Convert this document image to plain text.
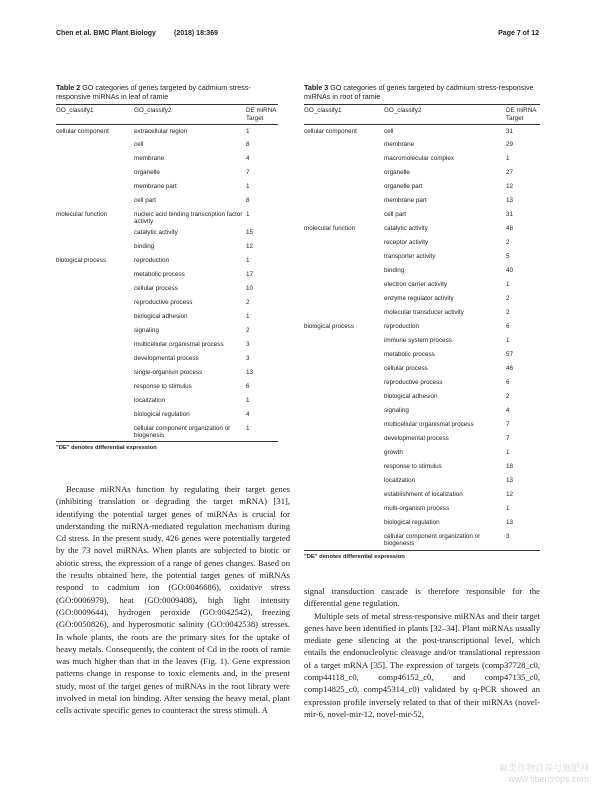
Chen et al. BMC Plant Biology	(2018) 18:369	Page 7 of 12
Table 2 GO categories of genes targeted by cadmium stress-responsive miRNAs in leaf of ramie
GO_classify1	GO_classify2	DE miRNA Target
cellular component	extracellular region	1
	cell	8
	membrane	4
	organelle	7
	membrane part	1
	cell part	8
molecular function	nucleic acid binding transcription factor activity	1
	catalytic activity	15
	binding	12
biological process	reproduction	1
	metabolic process	17
	cellular process	10
	reproductive process	2
	biological adhesion	1
	signaling	2
	multicellular organismal process	3
	developmental process	3
	single-organism process	13
	response to stimulus	6
	localization	1
	biological regulation	4
	cellular component organization or biogenesis	1
"DE" denotes differential expression
Table 3 GO categories of genes targeted by cadmium stress-responsive miRNAs in root of ramie
GO_classify1	GO_classify2	DE miRNA Target
cellular component	cell	31
	membrane	29
	macromolecular complex	1
	organelle	27
	organelle part	12
	membrane part	13
	cell part	31
molecular function	catalytic activity	48
	receptor activity	2
	transporter activity	5
	binding	40
	electron carrier activity	1
	enzyme regulator activity	2
	molecular transducer activity	2
biological process	reproduction	6
	immune system process	1
	metabolic process	57
	cellular process	46
	reproductive process	6
	biological adhesion	2
	signaling	4
	multicellular organismal process	7
	developmental process	7
	growth	1
	response to stimulus	18
	localization	13
	establishment of localization	12
	multi-organism process	1
	biological regulation	13
	cellular component organization or biogenesis	3
"DE" denotes differential expression

Because miRNAs function by regulating their target genes (inhibiting translation or degrading the target mRNA) [31], identifying the potential target genes of miRNAs is crucial for understanding the miRNA-mediated regulation mechanism during Cd stress. In the present study, 426 genes were potentially targeted by the 73 novel miRNAs. When plants are subjected to biotic or abiotic stress, the expression of a range of genes changes. Based on the results obtained here, the potential target genes of miRNAs respond to cadmium ion (GO:0046686), oxidative stress (GO:0006979), heat (GO:0009408), high light intensity (GO:0009644), hydrogen peroxide (GO:0042542), freezing (GO:0050826), and hyperosmotic salinity (GO:0042538) stresses. In whole plants, the roots are the primary sites for the uptake of heavy metals. Consequently, the content of Cd in the roots of ramie was much higher than that in the leaves (Fig. 1). Gene expression patterns change in response to toxic elements and, in the present study, most of the target genes of miRNAs in the root library were involved in metal ion binding. After sensing the heavy metal, plant cells activate specific genes to counteract the stress stimuli. A

signal transduction cascade is therefore responsible for the differential gene regulation.

Multiple sets of metal stress-responsive miRNAs and their target genes have been identified in plants [32–34]. Plant miRNAs usually mediate gene silencing at the post-transcriptional level, which entails the endonucleolytic cleavage and/or translational repression of a target mRNA [35]. The expression of targets (comp37728_c0, comp44118_c0, comp46152_c0, and comp47135_c0, comp14825_c0, comp45314_c0) validated by q-PCR showed an expression profile inversely related to that of their miRNAs (novel-mir-6, novel-mir-12, novel-mir-52,

麻类作物营养与施肥网
www.fibercrops.com
